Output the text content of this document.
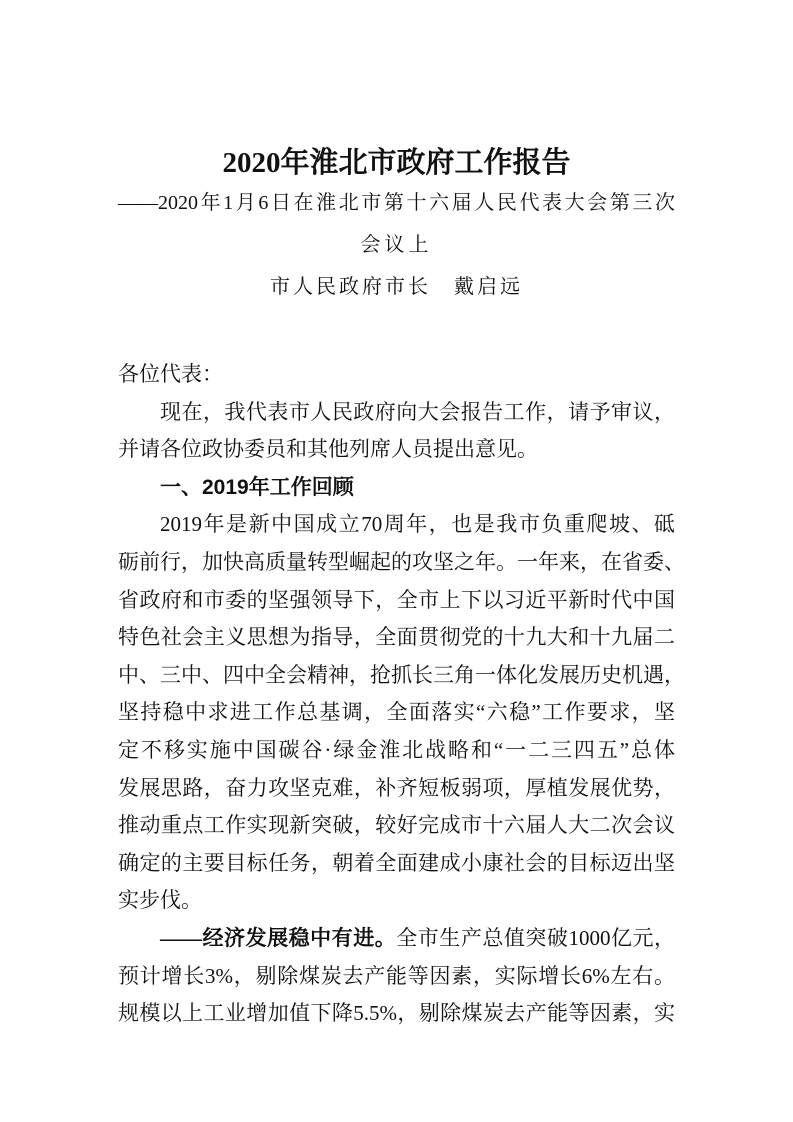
2020年淮北市政府工作报告
——2020年1月6日在淮北市第十六届人民代表大会第三次
会议上
市人民政府市长　戴启远
各位代表：
现在，我代表市人民政府向大会报告工作，请予审议，
并请各位政协委员和其他列席人员提出意见。
一、2019年工作回顾
2019年是新中国成立70周年，也是我市负重爬坡、砥
砺前行，加快高质量转型崛起的攻坚之年。一年来，在省委、
省政府和市委的坚强领导下，全市上下以习近平新时代中国
特色社会主义思想为指导，全面贯彻党的十九大和十九届二
中、三中、四中全会精神，抢抓长三角一体化发展历史机遇，
坚持稳中求进工作总基调，全面落实“六稳”工作要求，坚
定不移实施中国碳谷·绿金淮北战略和“一二三四五”总体
发展思路，奋力攻坚克难，补齐短板弱项，厚植发展优势，
推动重点工作实现新突破，较好完成市十六届人大二次会议
确定的主要目标任务，朝着全面建成小康社会的目标迈出坚
实步伐。
——经济发展稳中有进。全市生产总值突破1000亿元，
预计增长3%，剔除煤炭去产能等因素，实际增长6%左右。
规模以上工业增加值下降5.5%，剔除煤炭去产能等因素，实
